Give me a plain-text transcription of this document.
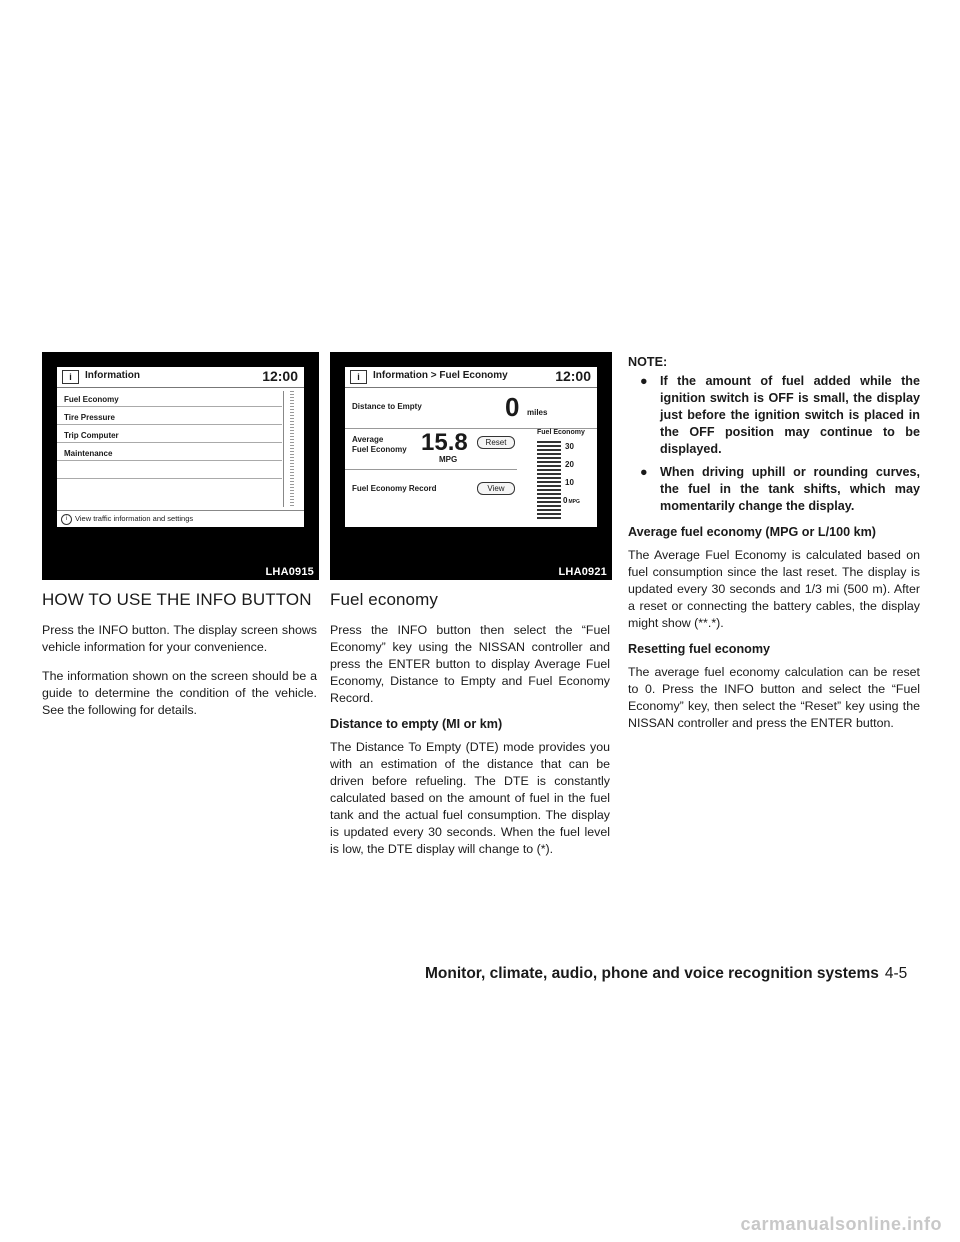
i	Information	12:00
Fuel Economy
Tire Pressure
Trip Computer
Maintenance
i View traffic information and settings
LHA0915
i	Information > Fuel Economy	12:00
Distance to Empty	0 miles
Average
Fuel Economy 15.8
MPG
Reset
Fuel Economy Record	View
Fuel Economy
30
20
10
0MPG
LHA0921
HOW TO USE THE INFO BUTTON

Press the INFO button. The display screen shows vehicle information for your convenience.

The information shown on the screen should be a guide to determine the condition of the vehicle. See the following for details.

Fuel economy

Press the INFO button then select the “Fuel Economy” key using the NISSAN controller and press the ENTER button to display Average Fuel Economy, Distance to Empty and Fuel Economy Record.

Distance to empty (MI or km)

The Distance To Empty (DTE) mode provides you with an estimation of the distance that can be driven before refueling. The DTE is constantly calculated based on the amount of fuel in the fuel tank and the actual fuel consumption. The display is updated every 30 seconds. When the fuel level is low, the DTE display will change to (*).

NOTE:
● If the amount of fuel added while the ignition switch is OFF is small, the display just before the ignition switch is placed in the OFF position may continue to be displayed.
● When driving uphill or rounding curves, the fuel in the tank shifts, which may momentarily change the display.
Average fuel economy (MPG or L/100 km)

The Average Fuel Economy is calculated based on fuel consumption since the last reset. The display is updated every 30 seconds and 1/3 mi (500 m). After a reset or connecting the battery cables, the display might show (**.*).

Resetting fuel economy

The average fuel economy calculation can be reset to 0. Press the INFO button and select the “Fuel Economy” key, then select the “Reset” key using the NISSAN controller and press the ENTER button.

Monitor, climate, audio, phone and voice recognition systems 4-5
carmanualsonline.info
